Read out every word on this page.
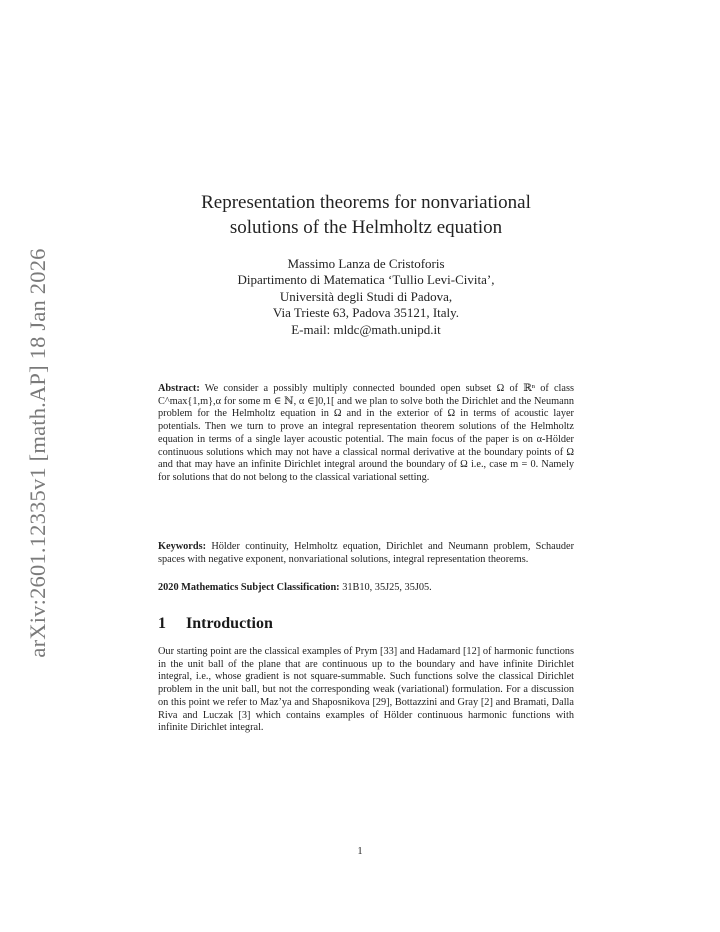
arXiv:2601.12335v1 [math.AP] 18 Jan 2026
Representation theorems for nonvariational
solutions of the Helmholtz equation
Massimo Lanza de Cristoforis
Dipartimento di Matematica ‘Tullio Levi-Civita’,
Università degli Studi di Padova,
Via Trieste 63, Padova 35121, Italy.
E-mail: mldc@math.unipd.it
Abstract: We consider a possibly multiply connected bounded open subset Ω of ℝⁿ of class C^max{1,m},α for some m ∈ ℕ, α ∈]0,1[ and we plan to solve both the Dirichlet and the Neumann problem for the Helmholtz equation in Ω and in the exterior of Ω in terms of acoustic layer potentials. Then we turn to prove an integral representation theorem solutions of the Helmholtz equation in terms of a single layer acoustic potential. The main focus of the paper is on α-Hölder continuous solutions which may not have a classical normal derivative at the boundary points of Ω and that may have an infinite Dirichlet integral around the boundary of Ω i.e., case m = 0. Namely for solutions that do not belong to the classical variational setting.
Keywords: Hölder continuity, Helmholtz equation, Dirichlet and Neumann problem, Schauder spaces with negative exponent, nonvariational solutions, integral representation theorems.
2020 Mathematics Subject Classification: 31B10, 35J25, 35J05.
1 Introduction
Our starting point are the classical examples of Prym [33] and Hadamard [12] of harmonic functions in the unit ball of the plane that are continuous up to the boundary and have infinite Dirichlet integral, i.e., whose gradient is not square-summable. Such functions solve the classical Dirichlet problem in the unit ball, but not the corresponding weak (variational) formulation. For a discussion on this point we refer to Maz’ya and Shaposnikova [29], Bottazzini and Gray [2] and Bramati, Dalla Riva and Luczak [3] which contains examples of Hölder continuous harmonic functions with infinite Dirichlet integral.
1
